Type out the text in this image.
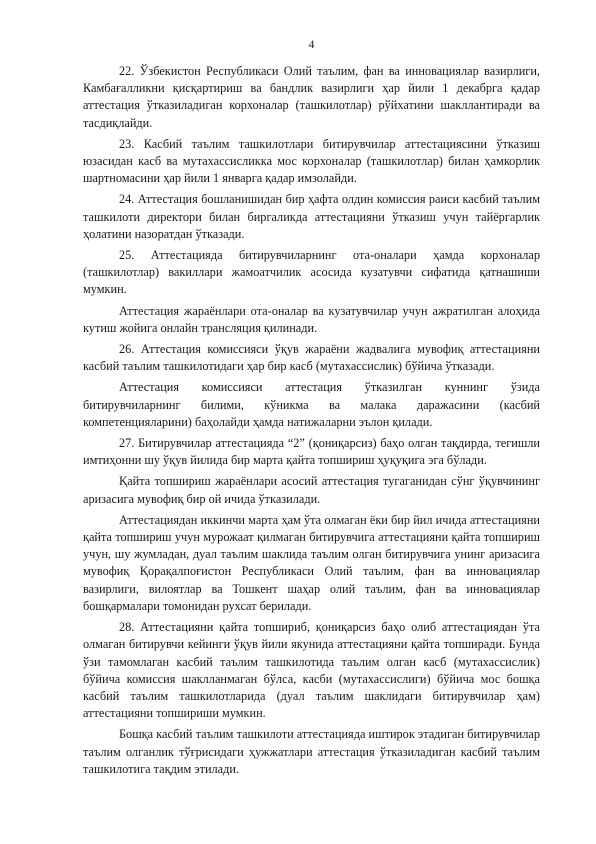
4

22. Ўзбекистон Республикаси Олий таълим, фан ва инновациялар вазирлиги, Камбағалликни қисқартириш ва бандлик вазирлиги ҳар йили 1 декабрга қадар аттестация ўтказиладиган корхоналар (ташкилотлар) рўйхатини шакллантиради ва тасдиқлайди.

23. Касбий таълим ташкилотлари битирувчилар аттестациясини ўтказиш юзасидан касб ва мутахассисликка мос корхоналар (ташкилотлар) билан ҳамкорлик шартномасини ҳар йили 1 январга қадар имзолайди.

24. Аттестация бошланишидан бир ҳафта олдин комиссия раиси касбий таълим ташкилоти директори билан биргаликда аттестацияни ўтказиш учун тайёргарлик ҳолатини назоратдан ўтказади.

25. Аттестацияда битирувчиларнинг ота-оналари ҳамда корхоналар (ташкилотлар) вакиллари жамоатчилик асосида кузатувчи сифатида қатнашиши мумкин.

Аттестация жараёнлари ота-оналар ва кузатувчилар учун ажратилган алоҳида кутиш жойига онлайн трансляция қилинади.

26. Аттестация комиссияси ўқув жараёни жадвалига мувофиқ аттестацияни касбий таълим ташкилотидаги ҳар бир касб (мутахассислик) бўйича ўтказади.

Аттестация комиссияси аттестация ўтказилган куннинг ўзида битирувчиларнинг билими, кўникма ва малака даражасини (касбий компетенцияларини) баҳолайди ҳамда натижаларни эълон қилади.

27. Битирувчилар аттестацияда “2” (қониқарсиз) баҳо олган тақдирда, тегишли имтиҳонни шу ўқув йилида бир марта қайта топшириш ҳуқуқига эга бўлади.

Қайта топшириш жараёнлари асосий аттестация тугаганидан сўнг ўқувчининг аризасига мувофиқ бир ой ичида ўтказилади.

Аттестациядан иккинчи марта ҳам ўта олмаган ёки бир йил ичида аттестацияни қайта топшириш учун мурожаат қилмаган битирувчига аттестацияни қайта топшириш учун, шу жумладан, дуал таълим шаклида таълим олган битирувчига унинг аризасига мувофиқ Қорақалпоғистон Республикаси Олий таълим, фан ва инновациялар вазирлиги, вилоятлар ва Тошкент шаҳар олий таълим, фан ва инновациялар бошқармалари томонидан рухсат берилади.

28. Аттестацияни қайта топшириб, қониқарсиз баҳо олиб аттестациядан ўта олмаган битирувчи кейинги ўқув йили якунида аттестацияни қайта топширади. Бунда ўзи тамомлаган касбий таълим ташкилотида таълим олган касб (мутахассислик) бўйича комиссия шаклланмаган бўлса, касби (мутахассислиги) бўйича мос бошқа касбий таълим ташкилотларида (дуал таълим шаклидаги битирувчилар ҳам) аттестацияни топшириши мумкин.

Бошқа касбий таълим ташкилоти аттестацияда иштирок этадиган битирувчилар таълим олганлик тўғрисидаги ҳужжатлари аттестация ўтказиладиган касбий таълим ташкилотига тақдим этилади.
